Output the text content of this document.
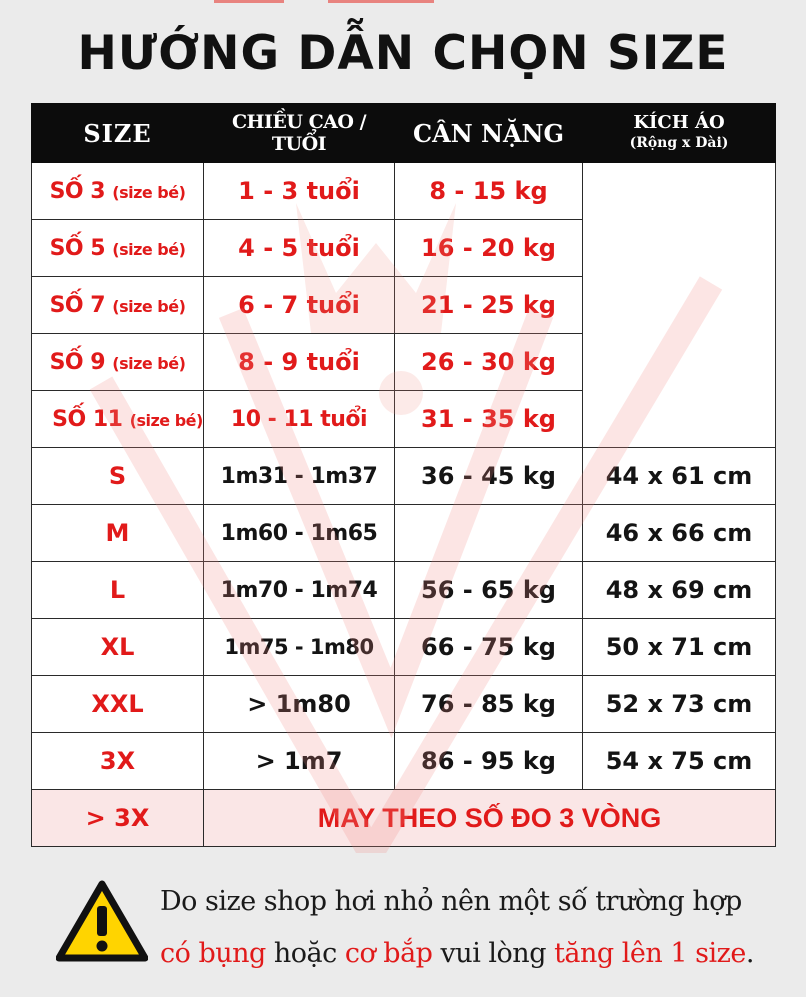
HƯỚNG DẪN CHỌN SIZE
SIZE	CHIỀU CAO / TUỔI	CÂN NẶNG	KÍCH ÁO
(Rộng x Dài)

SỐ 3 (size bé)	1 - 3 tuổi	8 - 15 kg	
SỐ 5 (size bé)	4 - 5 tuổi	16 - 20 kg	
SỐ 7 (size bé)	6 - 7 tuổi	21 - 25 kg	
SỐ 9 (size bé)	8 - 9 tuổi	26 - 30 kg	
SỐ 11 (size bé)	10 - 11 tuổi	31 - 35 kg	
S	1m31 - 1m37	36 - 45 kg	44 x 61 cm
M	1m60 - 1m65		46 x 66 cm
L	1m70 - 1m74	56 - 65 kg	48 x 69 cm
XL	1m75 - 1m80	66 - 75 kg	50 x 71 cm
XXL	> 1m80	76 - 85 kg	52 x 73 cm
3X	> 1m7	86 - 95 kg	54 x 75 cm
> 3X	MAY THEO SỐ ĐO 3 VÒNG		
Do size shop hơi nhỏ nên một số trường hợp
có bụng hoặc cơ bắp vui lòng tăng lên 1 size.
